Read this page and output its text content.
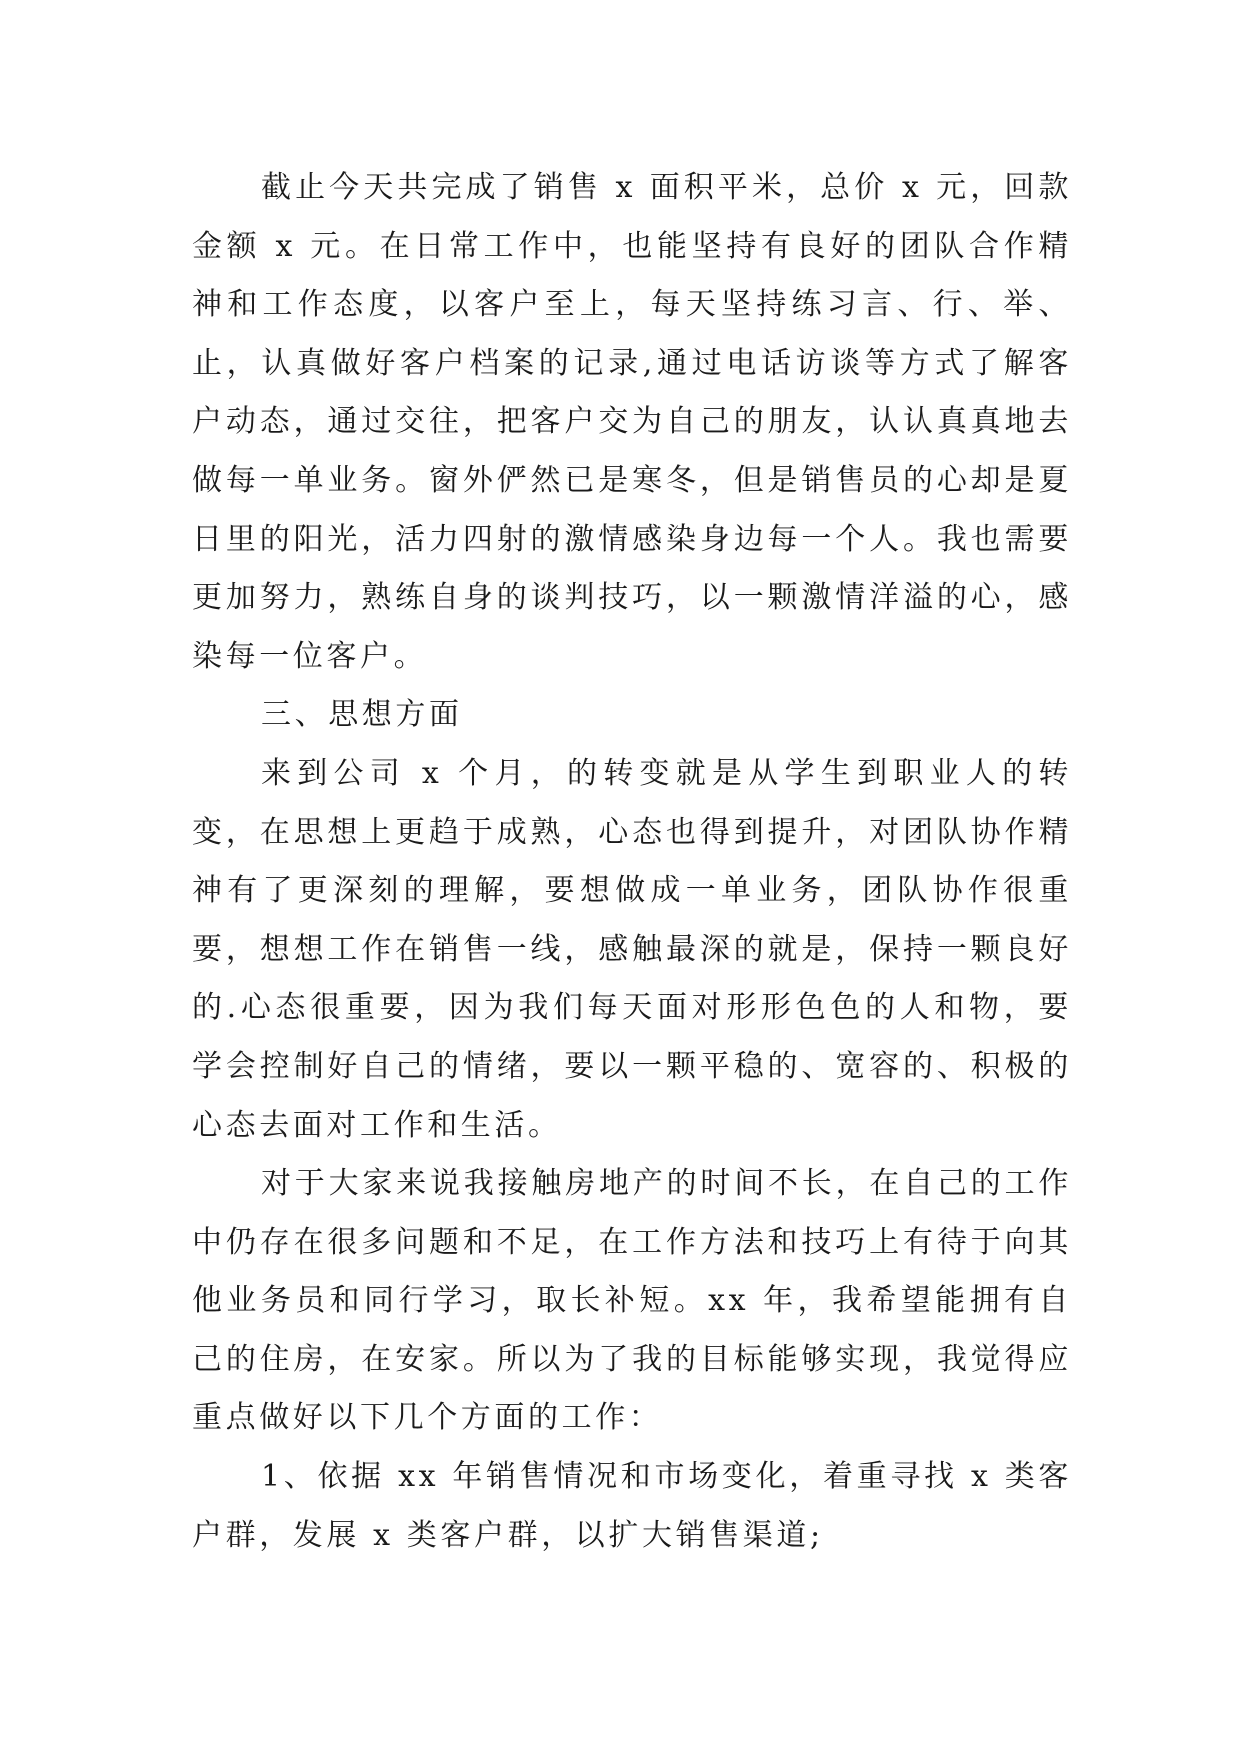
截止今天共完成了销售 x 面积平米，总价 x 元，回款金额 x 元。在日常工作中，也能坚持有良好的团队合作精神和工作态度，以客户至上，每天坚持练习言、行、举、止，认真做好客户档案的记录,通过电话访谈等方式了解客户动态，通过交往，把客户交为自己的朋友，认认真真地去做每一单业务。窗外俨然已是寒冬，但是销售员的心却是夏日里的阳光，活力四射的激情感染身边每一个人。我也需要更加努力，熟练自身的谈判技巧，以一颗激情洋溢的心，感染每一位客户。

三、思想方面

来到公司 x 个月，的转变就是从学生到职业人的转变，在思想上更趋于成熟，心态也得到提升，对团队协作精神有了更深刻的理解，要想做成一单业务，团队协作很重要，想想工作在销售一线，感触最深的就是，保持一颗良好的.心态很重要，因为我们每天面对形形色色的人和物，要学会控制好自己的情绪，要以一颗平稳的、宽容的、积极的心态去面对工作和生活。

对于大家来说我接触房地产的时间不长，在自己的工作中仍存在很多问题和不足，在工作方法和技巧上有待于向其他业务员和同行学习，取长补短。xx 年，我希望能拥有自己的住房，在安家。所以为了我的目标能够实现，我觉得应重点做好以下几个方面的工作：

1、依据 xx 年销售情况和市场变化，着重寻找 x 类客户群，发展 x 类客户群，以扩大销售渠道;
